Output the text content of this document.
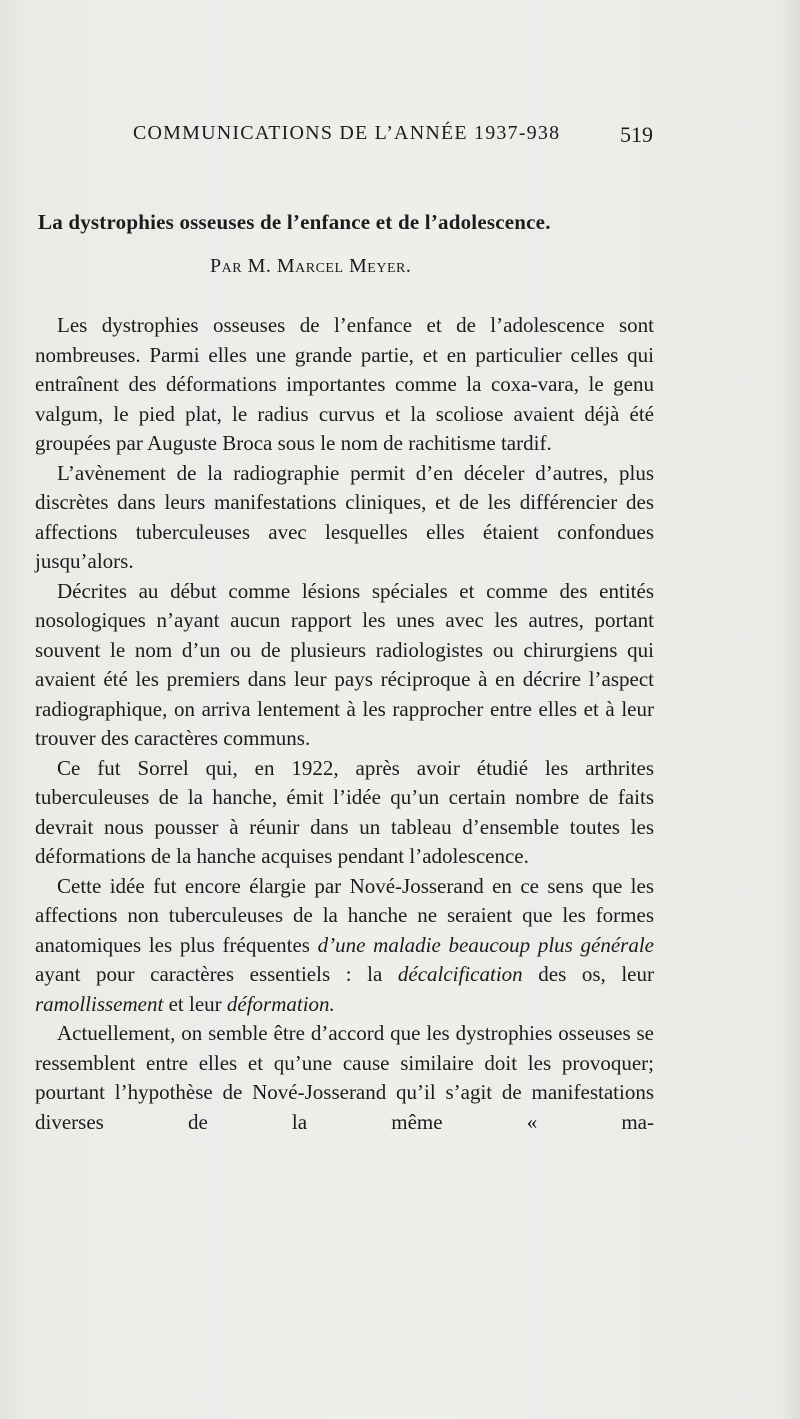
COMMUNICATIONS DE L’ANNÉE 1937-938	519
La dystrophies osseuses de l’enfance et de l’adolescence.
Par M. Marcel Meyer.

Les dystrophies osseuses de l’enfance et de l’adolescence sont nombreuses. Parmi elles une grande partie, et en particulier celles qui entraînent des déformations importantes comme la coxa-vara, le genu valgum, le pied plat, le radius curvus et la scoliose avaient déjà été groupées par Auguste Broca sous le nom de rachitisme tardif.

L’avènement de la radiographie permit d’en déceler d’autres, plus discrètes dans leurs manifestations cliniques, et de les différencier des affections tuberculeuses avec lesquelles elles étaient confondues jusqu’alors.

Décrites au début comme lésions spéciales et comme des entités nosologiques n’ayant aucun rapport les unes avec les autres, portant souvent le nom d’un ou de plusieurs radiologistes ou chirurgiens qui avaient été les premiers dans leur pays réciproque à en décrire l’aspect radiographique, on arriva lentement à les rapprocher entre elles et à leur trouver des caractères communs.

Ce fut Sorrel qui, en 1922, après avoir étudié les arthrites tuberculeuses de la hanche, émit l’idée qu’un certain nombre de faits devrait nous pousser à réunir dans un tableau d’ensemble toutes les déformations de la hanche acquises pendant l’adolescence.

Cette idée fut encore élargie par Nové-Josserand en ce sens que les affections non tuberculeuses de la hanche ne seraient que les formes anatomiques les plus fréquentes d’une maladie beaucoup plus générale ayant pour caractères essentiels : la décalcification des os, leur ramollissement et leur déformation.

Actuellement, on semble être d’accord que les dystrophies osseuses se ressemblent entre elles et qu’une cause similaire doit les provoquer; pourtant l’hypothèse de Nové-Josserand qu’il s’agit de manifestations diverses de la même « ma-
